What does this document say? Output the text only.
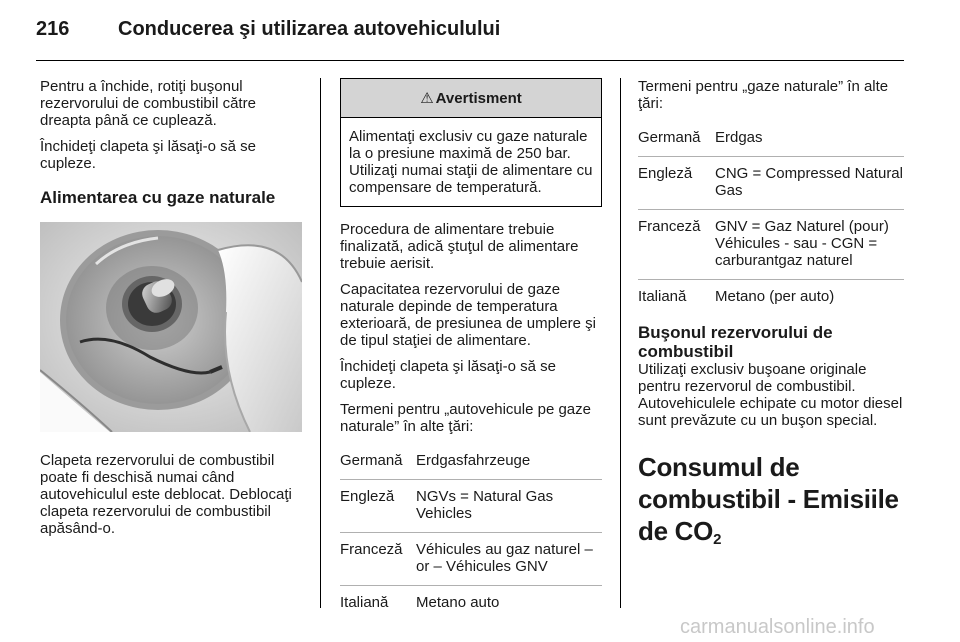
216 Conducerea şi utilizarea autovehiculului

Pentru a închide, rotiţi buşonul rezervorului de combustibil către dreapta până ce cuplează.

Închideţi clapeta şi lăsaţi-o să se cupleze.

Alimentarea cu gaze naturale

Clapeta rezervorului de combustibil poate fi deschisă numai când autovehiculul este deblocat. Deblocaţi clapeta rezervorului de combustibil apăsând-o.

⚠ Avertisment
Alimentaţi exclusiv cu gaze naturale la o presiune maximă de 250 bar. Utilizaţi numai staţii de alimentare cu compensare de temperatură.

Procedura de alimentare trebuie finalizată, adică ştuţul de alimentare trebuie aerisit.

Capacitatea rezervorului de gaze naturale depinde de temperatura exterioară, de presiunea de umplere şi de tipul staţiei de alimentare.

Închideţi clapeta şi lăsaţi-o să se cupleze.

Termeni pentru „autovehicule pe gaze naturale” în alte ţări:

Germană	Erdgasfahrzeuge
Engleză	NGVs = Natural Gas Vehicles
Franceză	Véhicules au gaz naturel – or – Véhicules GNV
Italiană	Metano auto

Termeni pentru „gaze naturale” în alte ţări:

Germană	Erdgas
Engleză	CNG = Compressed Natural Gas
Franceză	GNV = Gaz Naturel (pour) Véhicules - sau - CGN = carburantgaz naturel
Italiană	Metano (per auto)
Buşonul rezervorului de combustibil

Utilizaţi exclusiv buşoane originale pentru rezervorul de combustibil. Autovehiculele echipate cu motor diesel sunt prevăzute cu un buşon special.

Consumul de combustibil - Emisiile de $CO_2$
carmanualsonline.info
